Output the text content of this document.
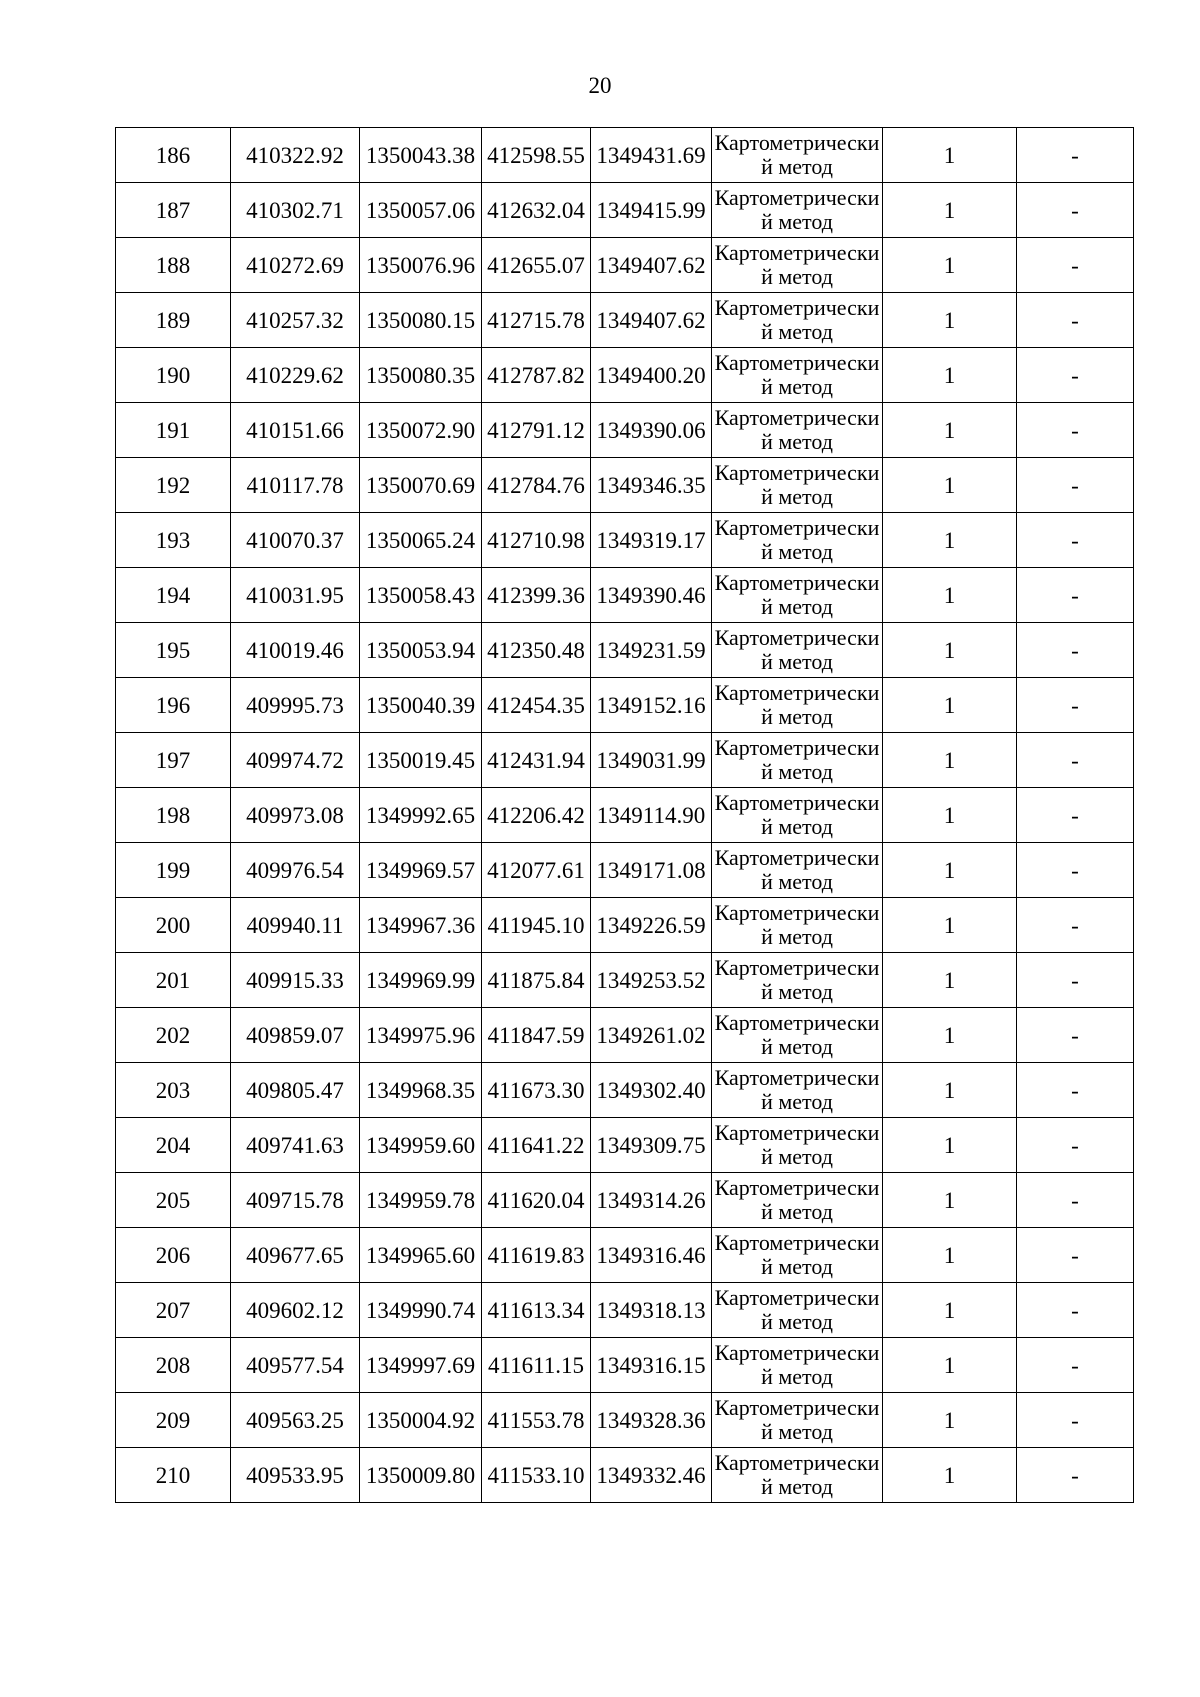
20
186	410322.92	1350043.38	412598.55	1349431.69	Картометрический метод	1	-
187	410302.71	1350057.06	412632.04	1349415.99	Картометрический метод	1	-
188	410272.69	1350076.96	412655.07	1349407.62	Картометрический метод	1	-
189	410257.32	1350080.15	412715.78	1349407.62	Картометрический метод	1	-
190	410229.62	1350080.35	412787.82	1349400.20	Картометрический метод	1	-
191	410151.66	1350072.90	412791.12	1349390.06	Картометрический метод	1	-
192	410117.78	1350070.69	412784.76	1349346.35	Картометрический метод	1	-
193	410070.37	1350065.24	412710.98	1349319.17	Картометрический метод	1	-
194	410031.95	1350058.43	412399.36	1349390.46	Картометрический метод	1	-
195	410019.46	1350053.94	412350.48	1349231.59	Картометрический метод	1	-
196	409995.73	1350040.39	412454.35	1349152.16	Картометрический метод	1	-
197	409974.72	1350019.45	412431.94	1349031.99	Картометрический метод	1	-
198	409973.08	1349992.65	412206.42	1349114.90	Картометрический метод	1	-
199	409976.54	1349969.57	412077.61	1349171.08	Картометрический метод	1	-
200	409940.11	1349967.36	411945.10	1349226.59	Картометрический метод	1	-
201	409915.33	1349969.99	411875.84	1349253.52	Картометрический метод	1	-
202	409859.07	1349975.96	411847.59	1349261.02	Картометрический метод	1	-
203	409805.47	1349968.35	411673.30	1349302.40	Картометрический метод	1	-
204	409741.63	1349959.60	411641.22	1349309.75	Картометрический метод	1	-
205	409715.78	1349959.78	411620.04	1349314.26	Картометрический метод	1	-
206	409677.65	1349965.60	411619.83	1349316.46	Картометрический метод	1	-
207	409602.12	1349990.74	411613.34	1349318.13	Картометрический метод	1	-
208	409577.54	1349997.69	411611.15	1349316.15	Картометрический метод	1	-
209	409563.25	1350004.92	411553.78	1349328.36	Картометрический метод	1	-
210	409533.95	1350009.80	411533.10	1349332.46	Картометрический метод	1	-
